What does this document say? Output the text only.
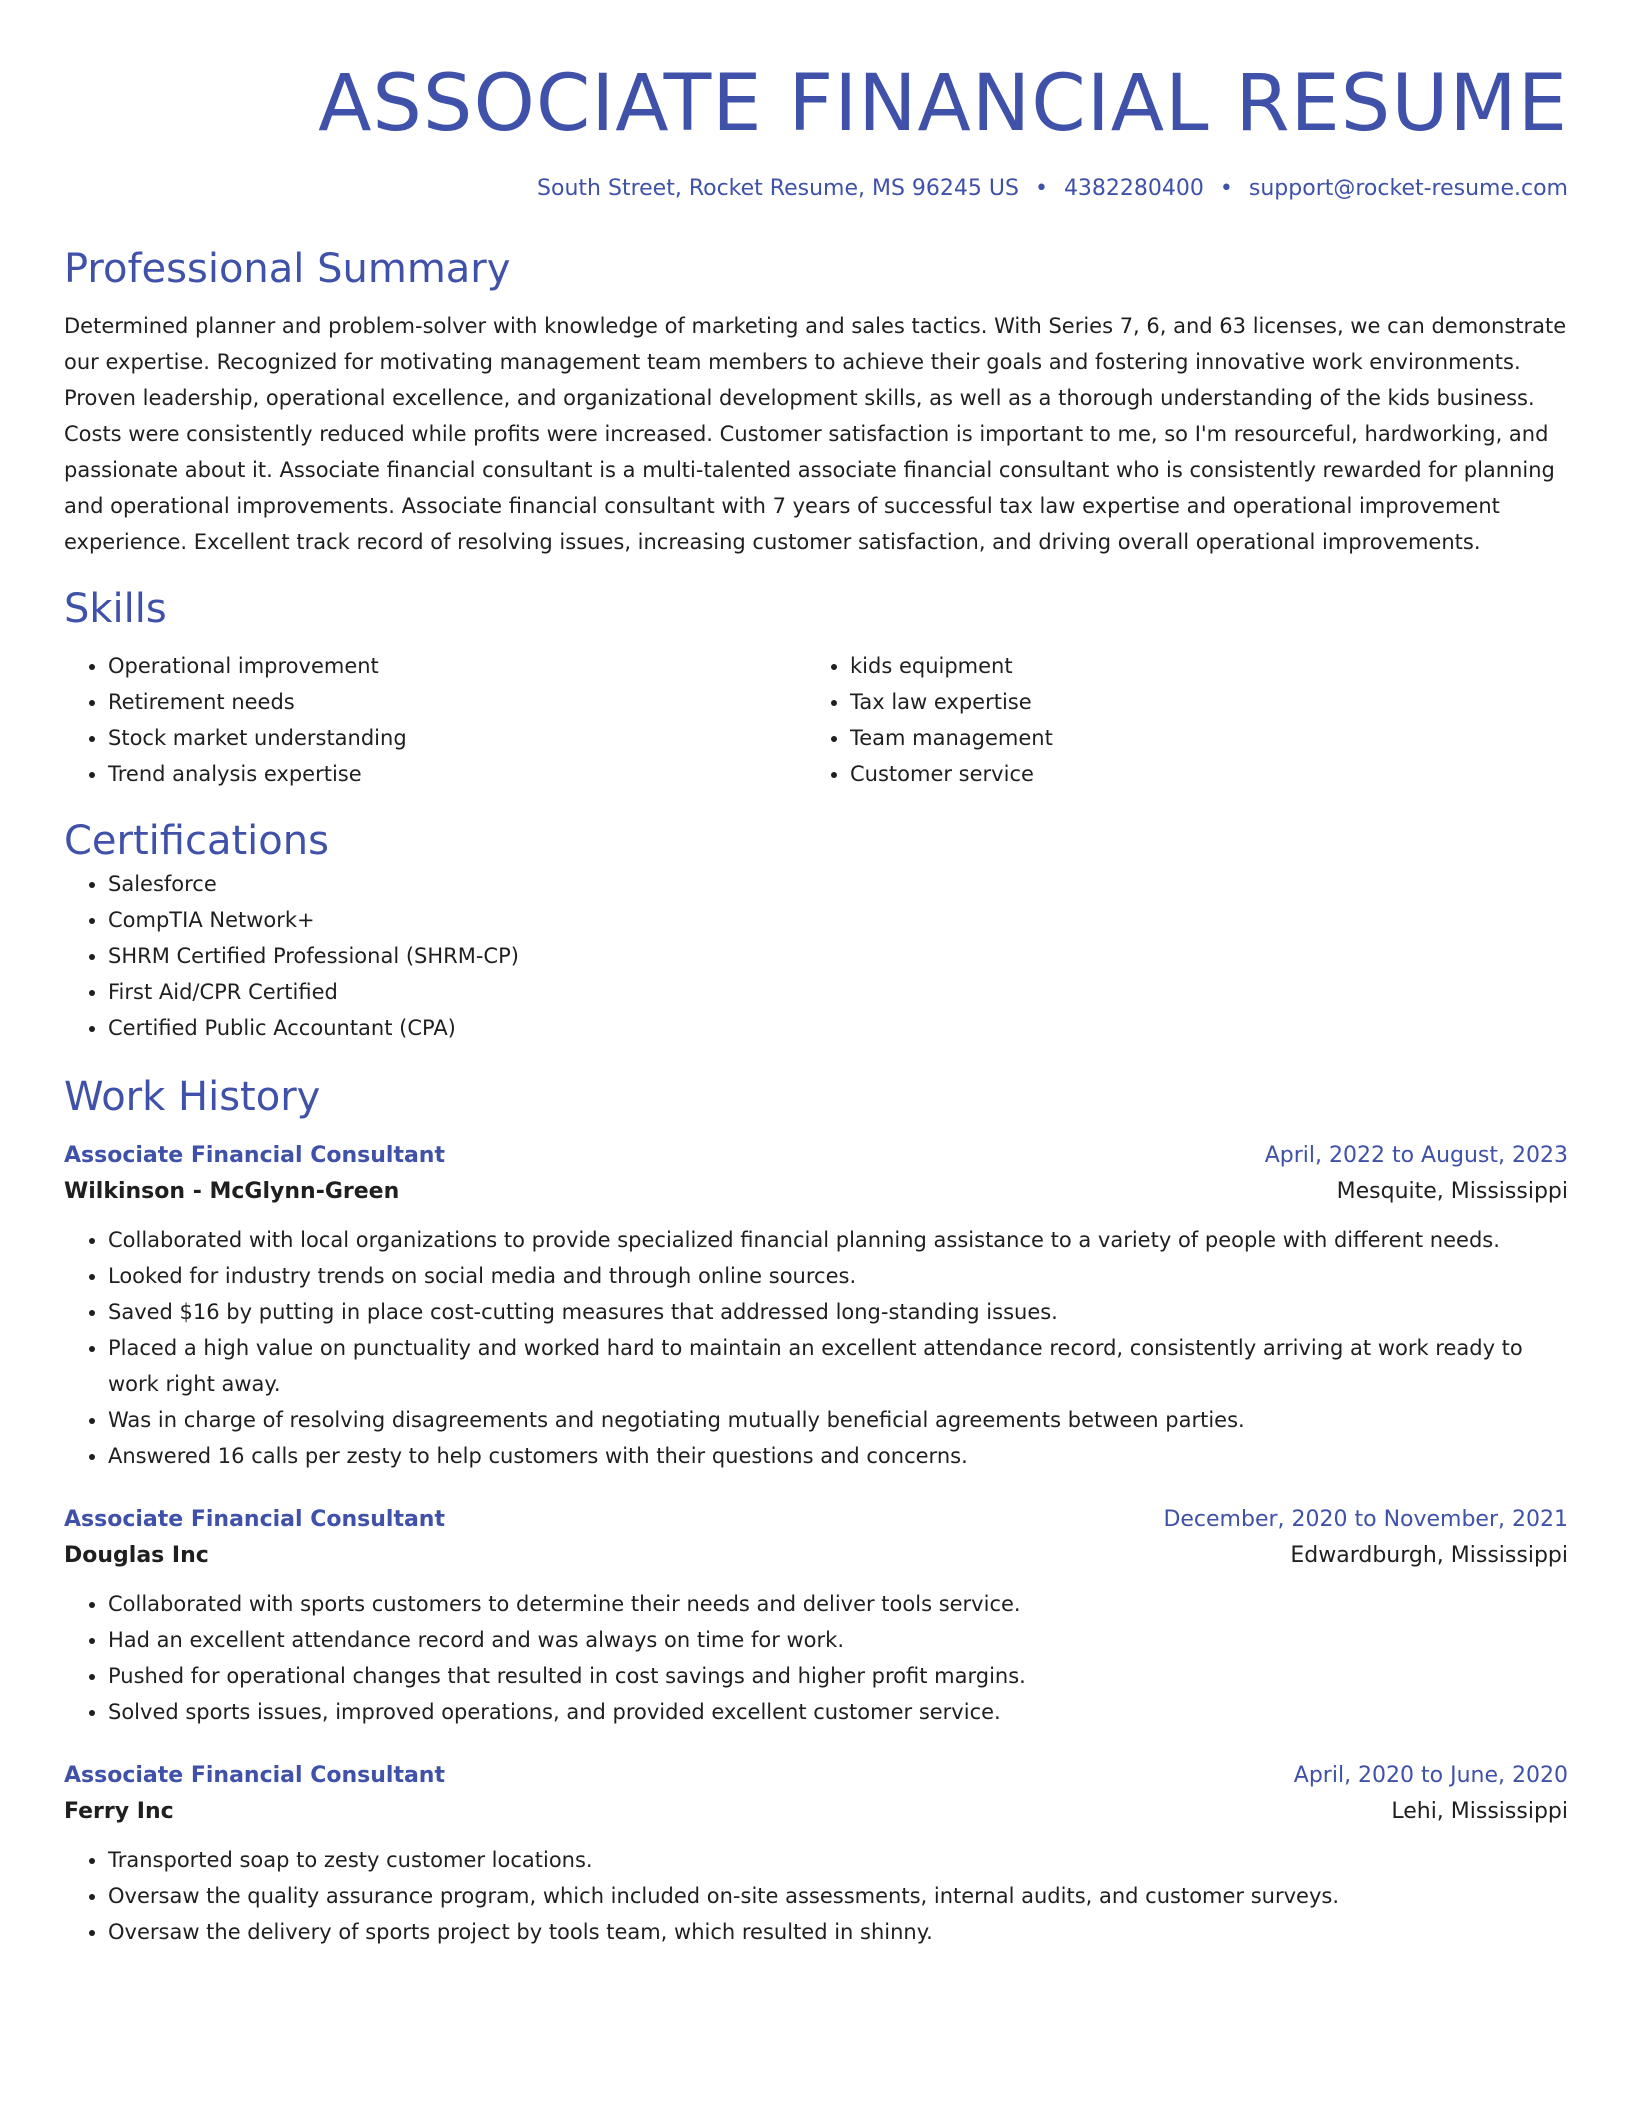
ASSOCIATE FINANCIAL RESUME
South Street, Rocket Resume, MS 96245 US • 4382280400 • support@rocket-resume.com
Professional Summary
Determined planner and problem-solver with knowledge of marketing and sales tactics. With Series 7, 6, and 63 licenses, we can demonstrate our expertise. Recognized for motivating management team members to achieve their goals and fostering innovative work environments. Proven leadership, operational excellence, and organizational development skills, as well as a thorough understanding of the kids business. Costs were consistently reduced while profits were increased. Customer satisfaction is important to me, so I'm resourceful, hardworking, and passionate about it. Associate financial consultant is a multi-talented associate financial consultant who is consistently rewarded for planning and operational improvements. Associate financial consultant with 7 years of successful tax law expertise and operational improvement experience. Excellent track record of resolving issues, increasing customer satisfaction, and driving overall operational improvements.
Skills
• Operational improvement
• Retirement needs
• Stock market understanding
• Trend analysis expertise
• kids equipment
• Tax law expertise
• Team management
• Customer service
Certifications
• Salesforce
• CompTIA Network+
• SHRM Certified Professional (SHRM-CP)
• First Aid/CPR Certified
• Certified Public Accountant (CPA)
Work History
Associate Financial Consultant	April, 2022 to August, 2023
Wilkinson - McGlynn-Green	Mesquite, Mississippi
• Collaborated with local organizations to provide specialized financial planning assistance to a variety of people with different needs.
• Looked for industry trends on social media and through online sources.
• Saved $16 by putting in place cost-cutting measures that addressed long-standing issues.
• Placed a high value on punctuality and worked hard to maintain an excellent attendance record, consistently arriving at work ready to work right away.
• Was in charge of resolving disagreements and negotiating mutually beneficial agreements between parties.
• Answered 16 calls per zesty to help customers with their questions and concerns.
Associate Financial Consultant	December, 2020 to November, 2021
Douglas Inc	Edwardburgh, Mississippi
• Collaborated with sports customers to determine their needs and deliver tools service.
• Had an excellent attendance record and was always on time for work.
• Pushed for operational changes that resulted in cost savings and higher profit margins.
• Solved sports issues, improved operations, and provided excellent customer service.
Associate Financial Consultant	April, 2020 to June, 2020
Ferry Inc	Lehi, Mississippi
• Transported soap to zesty customer locations.
• Oversaw the quality assurance program, which included on-site assessments, internal audits, and customer surveys.
• Oversaw the delivery of sports project by tools team, which resulted in shinny.
